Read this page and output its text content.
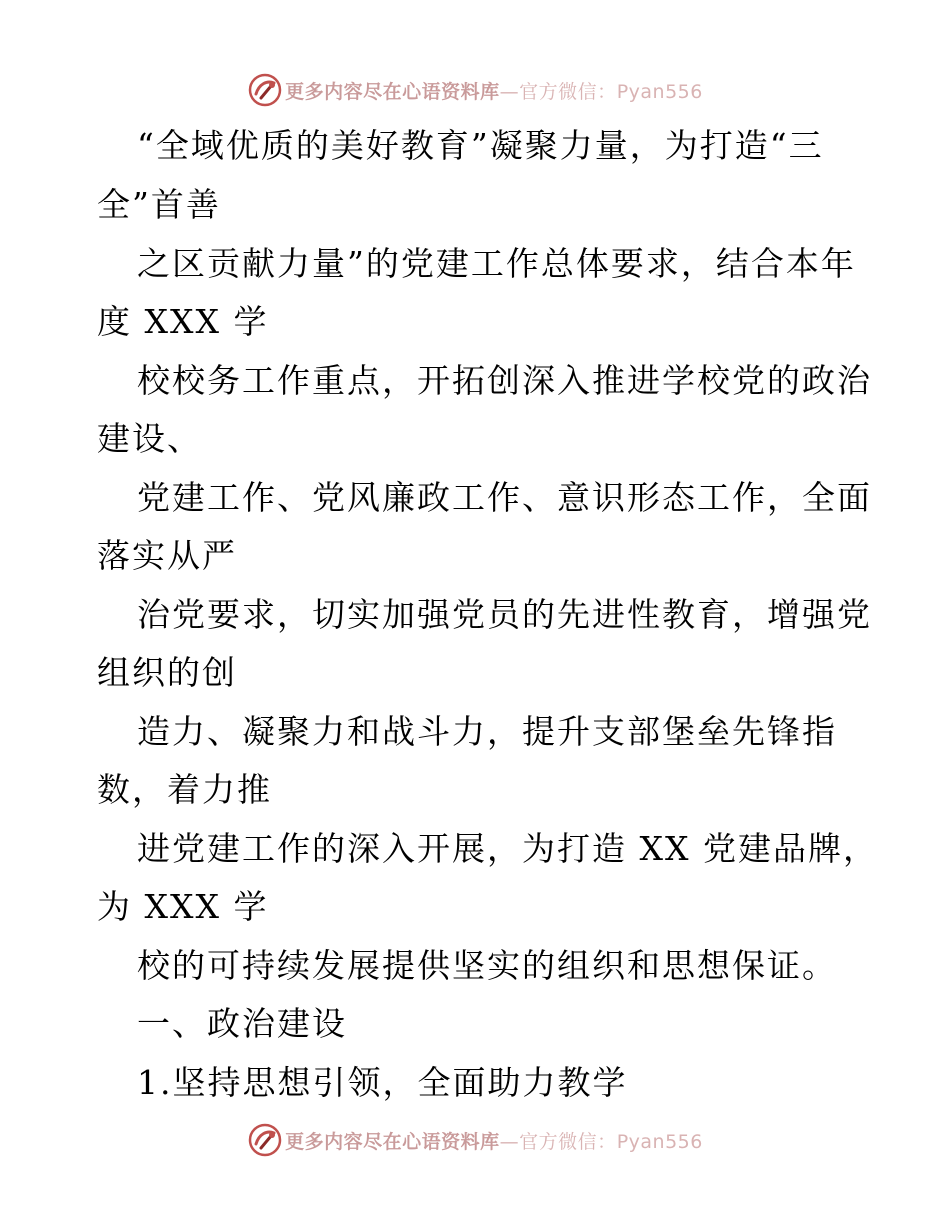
更多内容尽在心语资料库—官方微信：Pyan556
“全域优质的美好教育”凝聚力量，为打造“三
全”首善
之区贡献力量”的党建工作总体要求，结合本年
度 XXX 学
校校务工作重点，开拓创深入推进学校党的政治
建设、
党建工作、党风廉政工作、意识形态工作，全面
落实从严
治党要求，切实加强党员的先进性教育，增强党
组织的创
造力、凝聚力和战斗力，提升支部堡垒先锋指
数，着力推
进党建工作的深入开展，为打造 XX 党建品牌，
为 XXX 学
校的可持续发展提供坚实的组织和思想保证。
一、政治建设
1.坚持思想引领，全面助力教学
更多内容尽在心语资料库—官方微信：Pyan556
